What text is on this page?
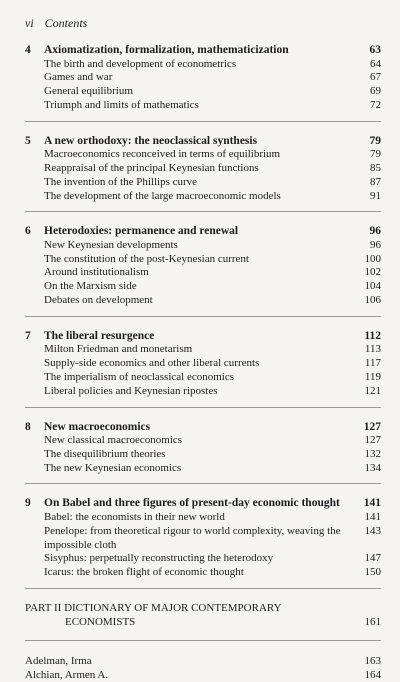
vi Contents
4 Axiomatization, formalization, mathematicization	63
The birth and development of econometrics	64
Games and war	67
General equilibrium	69
Triumph and limits of mathematics	72
5 A new orthodoxy: the neoclassical synthesis	79
Macroeconomics reconceived in terms of equilibrium	79
Reappraisal of the principal Keynesian functions	85
The invention of the Phillips curve	87
The development of the large macroeconomic models	91
6 Heterodoxies: permanence and renewal	96
New Keynesian developments	96
The constitution of the post-Keynesian current	100
Around institutionalism	102
On the Marxism side	104
Debates on development	106
7 The liberal resurgence	112
Milton Friedman and monetarism	113
Supply-side economics and other liberal currents	117
The imperialism of neoclassical economics	119
Liberal policies and Keynesian ripostes	121
8 New macroeconomics	127
New classical macroeconomics	127
The disequilibrium theories	132
The new Keynesian economics	134
9 On Babel and three figures of present-day economic thought	141
Babel: the economists in their new world	141
Penelope: from theoretical rigour to world complexity, weaving the impossible cloth
143
Sisyphus: perpetually reconstructing the heterodoxy	147
Icarus: the broken flight of economic thought	150
PART II DICTIONARY OF MAJOR CONTEMPORARY ECONOMISTS	161
Adelman, Irma	163
Alchian, Armen A.	164
